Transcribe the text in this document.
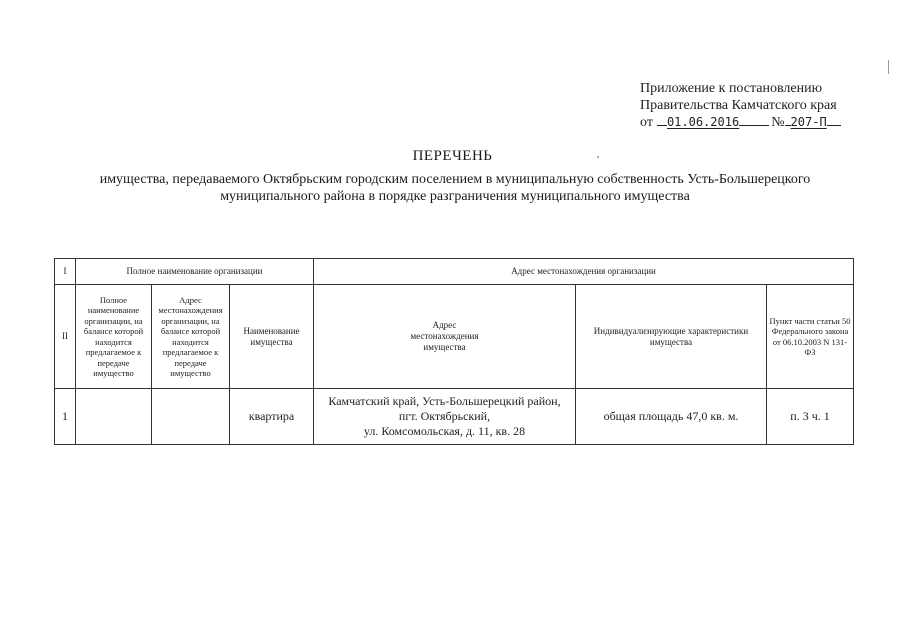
Приложение к постановлению
Правительства Камчатского края
от 01.06.2016 № 207-П
ПЕРЕЧЕНЬ
имущества, передаваемого Октябрьским городским поселением в муниципальную собственность Усть-Большерецкого муниципального района в порядке разграничения муниципального имущества
I	Полное наименование организации			Адрес местонахождения организации		
II	Полное наименование организации, на балансе которой находится предлагаемое к передаче имущество	Адрес местонахождения организации, на балансе которой находится предлагаемое к передаче имущество	Наименование имущества	Адрес местонахождения имущества	Индивидуализирующие характеристики имущества	Пункт части статьи 50 Федерального закона от 06.10.2003 N 131-ФЗ
1			квартира	Камчатский край, Усть-Большерецкий район,
пгт. Октябрьский,
ул. Комсомольская, д. 11, кв. 28	общая площадь 47,0 кв. м.	п. 3 ч. 1
